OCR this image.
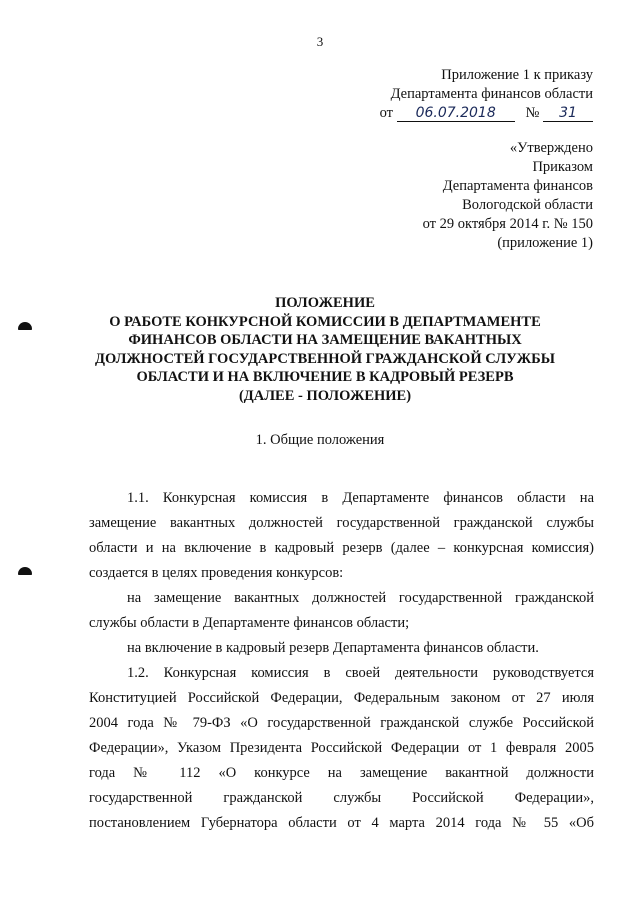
3
Приложение 1 к приказу
Департамента финансов области
от 06.07.2018 № 31
«Утверждено
Приказом
Департамента финансов
Вологодской области
от 29 октября 2014 г. № 150
(приложение 1)
ПОЛОЖЕНИЕ
О РАБОТЕ КОНКУРСНОЙ КОМИССИИ В ДЕПАРТМАМЕНТЕ
ФИНАНСОВ ОБЛАСТИ НА ЗАМЕЩЕНИЕ ВАКАНТНЫХ
ДОЛЖНОСТЕЙ ГОСУДАРСТВЕННОЙ ГРАЖДАНСКОЙ СЛУЖБЫ
ОБЛАСТИ И НА ВКЛЮЧЕНИЕ В КАДРОВЫЙ РЕЗЕРВ
(ДАЛЕЕ - ПОЛОЖЕНИЕ)
1. Общие положения
1.1. Конкурсная комиссия в Департаменте финансов области на
замещение вакантных должностей государственной гражданской службы
области и на включение в кадровый резерв (далее – конкурсная комиссия)
создается в целях проведения конкурсов:
на замещение вакантных должностей государственной гражданской
службы области в Департаменте финансов области;
на включение в кадровый резерв Департамента финансов области.
1.2. Конкурсная комиссия в своей деятельности руководствуется
Конституцией Российской Федерации, Федеральным законом от 27 июля
2004 года № 79-ФЗ «О государственной гражданской службе Российской
Федерации», Указом Президента Российской Федерации от 1 февраля 2005
года № 112 «О конкурсе на замещение вакантной должности
государственной гражданской службы Российской Федерации»,
постановлением Губернатора области от 4 марта 2014 года № 55 «Об
